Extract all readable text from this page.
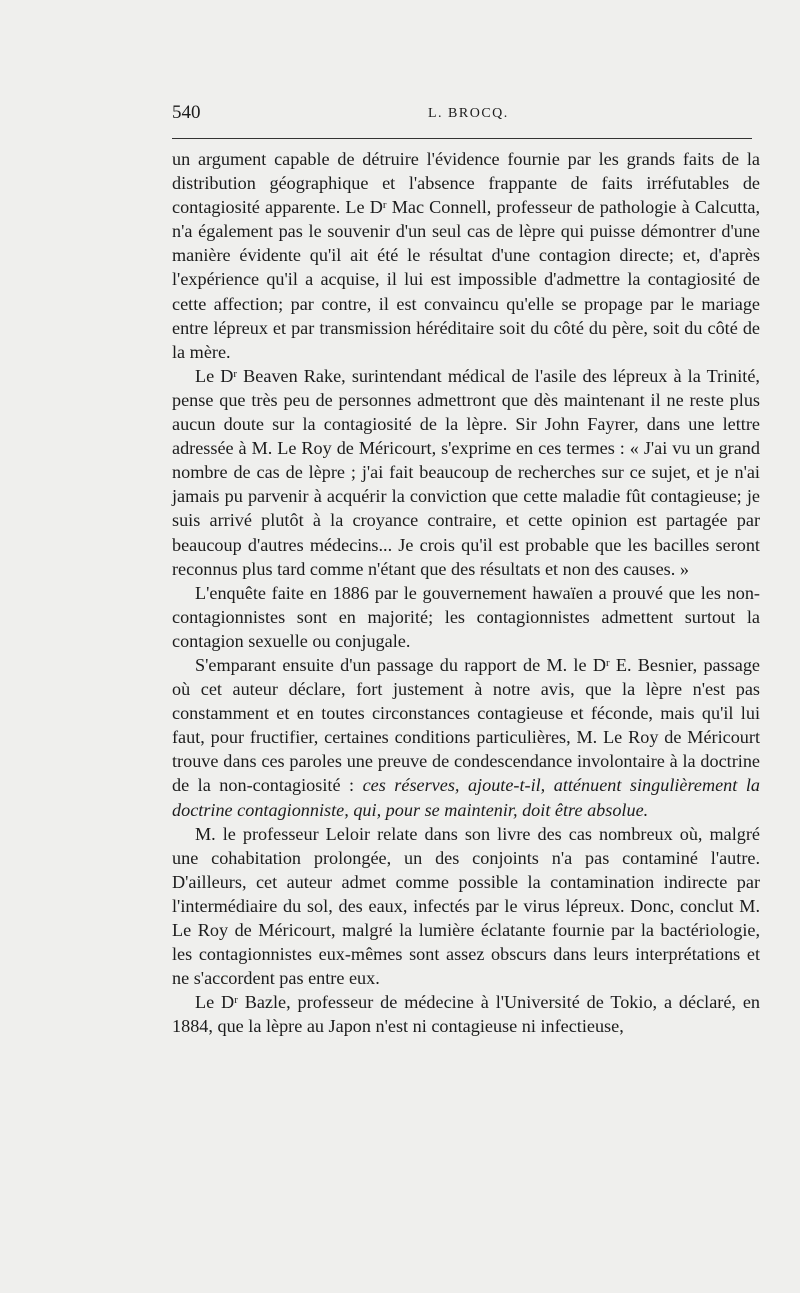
540	L. BROCQ.

un argument capable de détruire l'évidence fournie par les grands faits de la distribution géographique et l'absence frappante de faits irréfutables de contagiosité apparente. Le $D^r$ Mac Connell, professeur de pathologie à Calcutta, n'a également pas le souvenir d'un seul cas de lèpre qui puisse démontrer d'une manière évidente qu'il ait été le résultat d'une contagion directe; et, d'après l'expérience qu'il a acquise, il lui est impossible d'admettre la contagiosité de cette affection; par contre, il est convaincu qu'elle se propage par le mariage entre lépreux et par transmission héréditaire soit du côté du père, soit du côté de la mère.

Le $D^r$ Beaven Rake, surintendant médical de l'asile des lépreux à la Trinité, pense que très peu de personnes admettront que dès maintenant il ne reste plus aucun doute sur la contagiosité de la lèpre. Sir John Fayrer, dans une lettre adressée à M. Le Roy de Méricourt, s'exprime en ces termes : « J'ai vu un grand nombre de cas de lèpre ; j'ai fait beaucoup de recherches sur ce sujet, et je n'ai jamais pu parvenir à acquérir la conviction que cette maladie fût contagieuse; je suis arrivé plutôt à la croyance contraire, et cette opinion est partagée par beaucoup d'autres médecins... Je crois qu'il est probable que les bacilles seront reconnus plus tard comme n'étant que des résultats et non des causes. »

L'enquête faite en 1886 par le gouvernement hawaïen a prouvé que les non-contagionnistes sont en majorité; les contagionnistes admettent surtout la contagion sexuelle ou conjugale.

S'emparant ensuite d'un passage du rapport de M. le $D^r$ E. Besnier, passage où cet auteur déclare, fort justement à notre avis, que la lèpre n'est pas constamment et en toutes circonstances contagieuse et féconde, mais qu'il lui faut, pour fructifier, certaines conditions particulières, M. Le Roy de Méricourt trouve dans ces paroles une preuve de condescendance involontaire à la doctrine de la non-contagiosité : ces réserves, ajoute-t-il, atténuent singulièrement la doctrine contagionniste, qui, pour se maintenir, doit être absolue.

M. le professeur Leloir relate dans son livre des cas nombreux où, malgré une cohabitation prolongée, un des conjoints n'a pas contaminé l'autre. D'ailleurs, cet auteur admet comme possible la contamination indirecte par l'intermédiaire du sol, des eaux, infectés par le virus lépreux. Donc, conclut M. Le Roy de Méricourt, malgré la lumière éclatante fournie par la bactériologie, les contagionnistes eux-mêmes sont assez obscurs dans leurs interprétations et ne s'accordent pas entre eux.

Le $D^r$ Bazle, professeur de médecine à l'Université de Tokio, a déclaré, en 1884, que la lèpre au Japon n'est ni contagieuse ni infectieuse,
